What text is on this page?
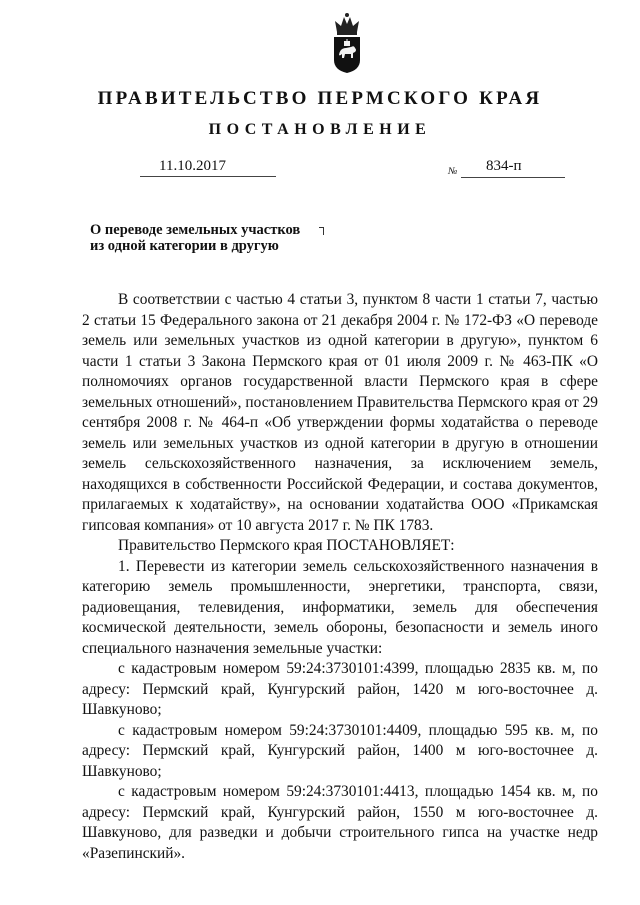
ПРАВИТЕЛЬСТВО ПЕРМСКОГО КРАЯ
ПОСТАНОВЛЕНИЕ
11.10.2017	№ 834-п
О переводе земельных участков
из одной категории в другую

В соответствии с частью 4 статьи 3, пунктом 8 части 1 статьи 7, частью 2 статьи 15 Федерального закона от 21 декабря 2004 г. № 172-ФЗ «О переводе земель или земельных участков из одной категории в другую», пунктом 6 части 1 статьи 3 Закона Пермского края от 01 июля 2009 г. № 463-ПК «О полномочиях органов государственной власти Пермского края в сфере земельных отношений», постановлением Правительства Пермского края от 29 сентября 2008 г. № 464-п «Об утверждении формы ходатайства о переводе земель или земельных участков из одной категории в другую в отношении земель сельскохозяйственного назначения, за исключением земель, находящихся в собственности Российской Федерации, и состава документов, прилагаемых к ходатайству», на основании ходатайства ООО «Прикамская гипсовая компания» от 10 августа 2017 г. № ПК 1783.

Правительство Пермского края ПОСТАНОВЛЯЕТ:

1. Перевести из категории земель сельскохозяйственного назначения в категорию земель промышленности, энергетики, транспорта, связи, радиовещания, телевидения, информатики, земель для обеспечения космической деятельности, земель обороны, безопасности и земель иного специального назначения земельные участки:

с кадастровым номером 59:24:3730101:4399, площадью 2835 кв. м, по адресу: Пермский край, Кунгурский район, 1420 м юго-восточнее д. Шавкуново;

с кадастровым номером 59:24:3730101:4409, площадью 595 кв. м, по адресу: Пермский край, Кунгурский район, 1400 м юго-восточнее д. Шавкуново;

с кадастровым номером 59:24:3730101:4413, площадью 1454 кв. м, по адресу: Пермский край, Кунгурский район, 1550 м юго-восточнее д. Шавкуново, для разведки и добычи строительного гипса на участке недр «Разепинский».
